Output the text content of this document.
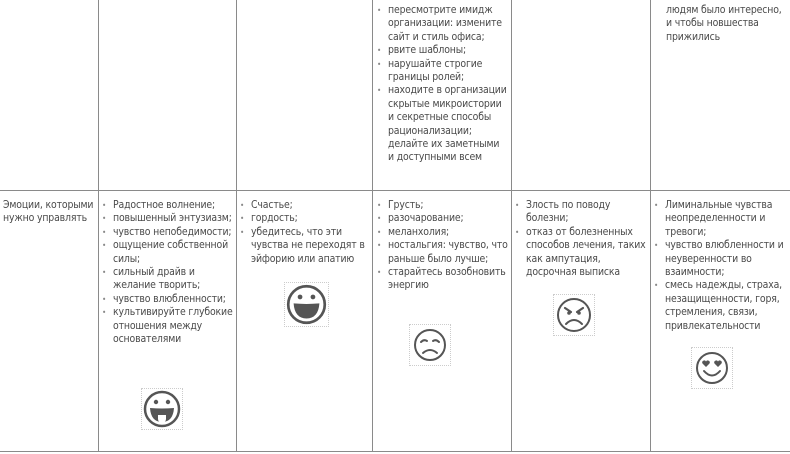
• пересмотрите имидж организации: измените сайт и стиль офиса;
• рвите шаблоны;
• нарушайте строгие границы ролей;
• находите в организации скрытые микроистории и секретные способы рационализации; делайте их заметными и доступными всем
людям было интересно, и чтобы новшества прижились
Эмоции, которыми нужно управлять
• Радостное волнение;
• повышенный энтузиазм;
• чувство непобедимости;
• ощущение собственной силы;
• сильный драйв и желание творить;
• чувство влюбленности;
• культивируйте глубокие отношения между основателями
• Счастье;
• гордость;
• убедитесь, что эти чувства не переходят в эйфорию или апатию
• Грусть;
• разочарование;
• меланхолия;
• ностальгия: чувство, что раньше было лучше;
• старайтесь возобновить энергию
• Злость по поводу болезни;
• отказ от болезненных способов лечения, таких как ампутация, досрочная выписка
• Лиминальные чувства неопределенности и тревоги;
• чувство влюбленности и неуверенности во взаимности;
• смесь надежды, страха, незащищенности, горя, стремления, связи, привлекательности
